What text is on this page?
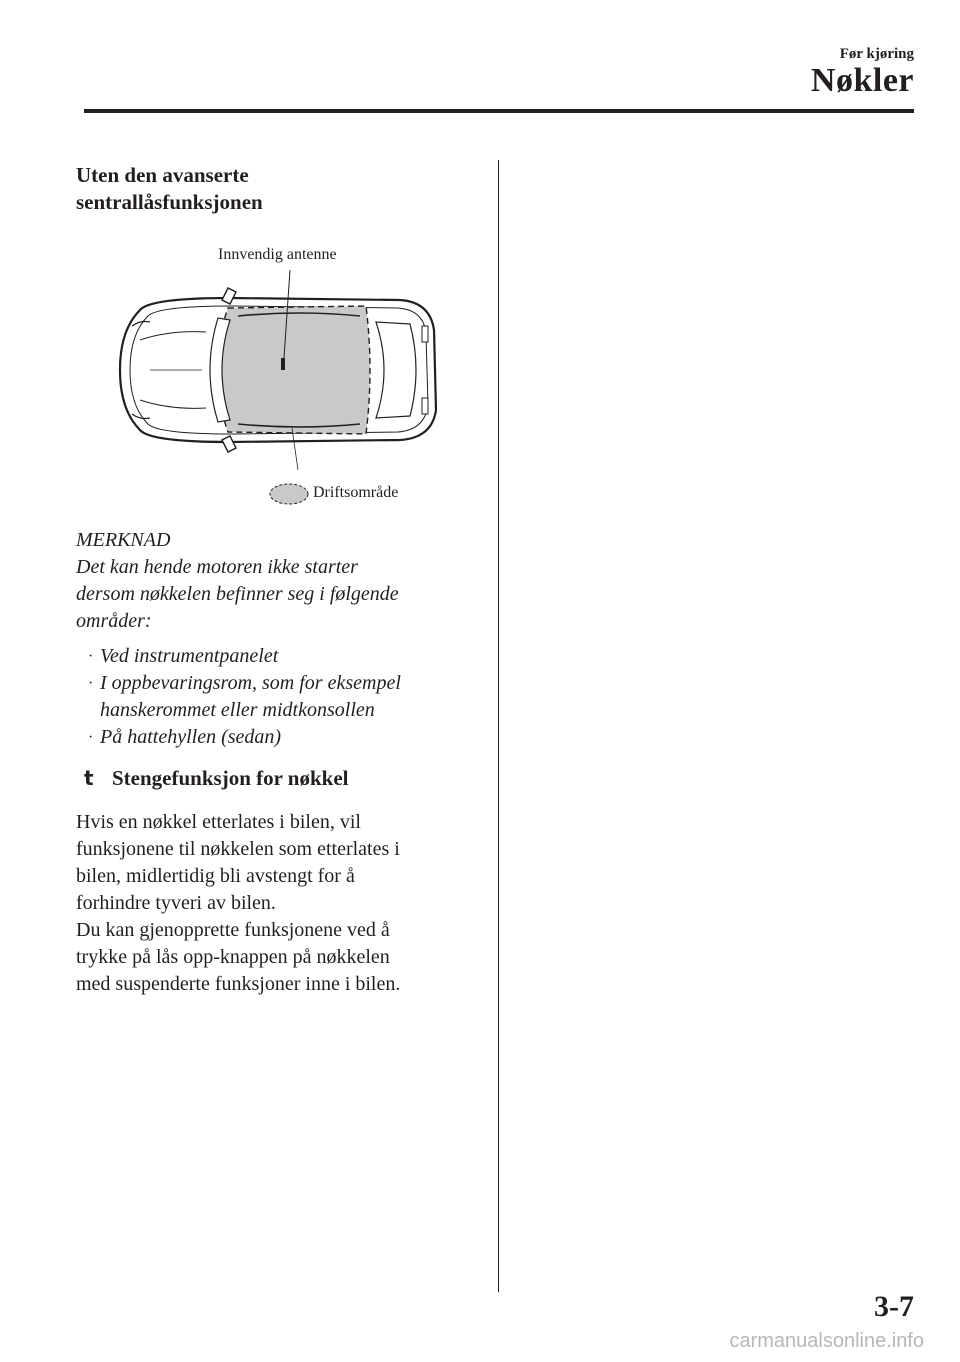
Før kjøring
Nøkler
Uten den avanserte
sentrallåsfunksjonen
Innvendig antenne
Driftsområde
MERKNAD
Det kan hende motoren ikke starter
dersom nøkkelen befinner seg i følgende
områder:
· Ved instrumentpanelet
· I oppbevaringsrom, som for eksempel
hanskerommet eller midtkonsollen
· På hattehyllen (sedan)
t Stengefunksjon for nøkkel
Hvis en nøkkel etterlates i bilen, vil
funksjonene til nøkkelen som etterlates i
bilen, midlertidig bli avstengt for å
forhindre tyveri av bilen.
Du kan gjenopprette funksjonene ved å
trykke på lås opp-knappen på nøkkelen
med suspenderte funksjoner inne i bilen.
3-7
carmanualsonline.info
